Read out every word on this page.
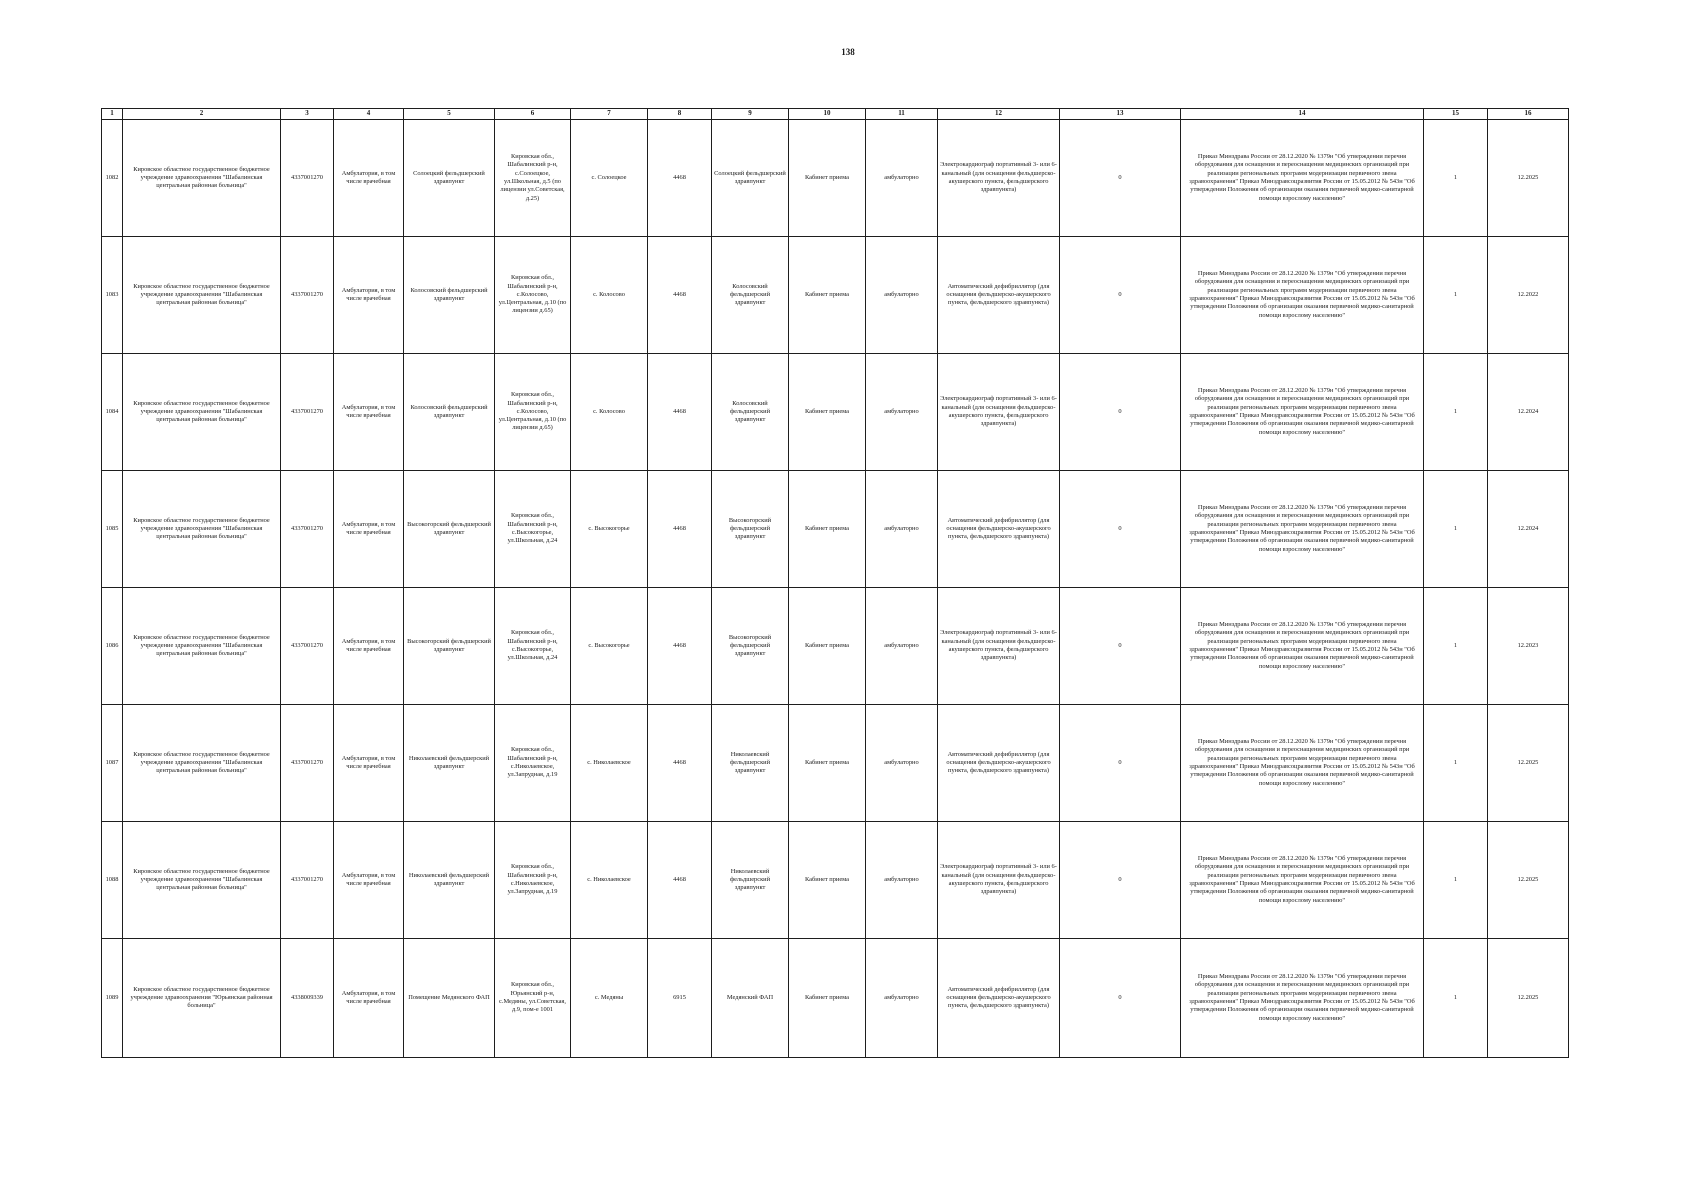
138
1	2	3	4	5	6	7	8	9	10	11	12	13	14	15	16
1082	Кировское областное государственное бюджетное учреждение здравоохранения "Шабалинская центральная районная больница"	4337001270	Амбулатория, в том числе врачебная	Солоецкий фельдшерский здравпункт	Кировская обл., Шабалинский р-н, с.Солоецкое, ул.Школьная, д.5 (по лицензии ул.Советская, д.25)	с. Солоецкое	4468	Солоецкий фельдшерский здравпункт	Кабинет приема	амбулаторно	Электрокардиограф портативный 3- или 6-канальный (для оснащения фельдшерско-акушерского пункта, фельдшерского здравпункта)	0	Приказ Минздрава России от 28.12.2020 № 1379н "Об утверждении перечня оборудования для оснащения и переоснащения медицинских организаций при реализации региональных программ модернизации первичного звена здравоохранения" Приказ Минздравсоцразвития России от 15.05.2012 № 543н "Об утверждении Положения об организации оказания первичной медико-санитарной помощи взрослому населению"	1	12.2025
1083	Кировское областное государственное бюджетное учреждение здравоохранения "Шабалинская центральная районная больница"	4337001270	Амбулатория, в том числе врачебная	Колосовский фельдшерский здравпункт	Кировская обл., Шабалинский р-н, с.Колосово, ул.Центральная, д.10 (по лицензии д.65)	с. Колосово	4468	Колосовский фельдшерский здравпункт	Кабинет приема	амбулаторно	Автоматический дефибриллятор (для оснащения фельдшерско-акушерского пункта, фельдшерского здравпункта)	0	Приказ Минздрава России от 28.12.2020 № 1379н "Об утверждении перечня оборудования для оснащения и переоснащения медицинских организаций при реализации региональных программ модернизации первичного звена здравоохранения" Приказ Минздравсоцразвития России от 15.05.2012 № 543н "Об утверждении Положения об организации оказания первичной медико-санитарной помощи взрослому населению"	1	12.2022
1084	Кировское областное государственное бюджетное учреждение здравоохранения "Шабалинская центральная районная больница"	4337001270	Амбулатория, в том числе врачебная	Колосовский фельдшерский здравпункт	Кировская обл., Шабалинский р-н, с.Колосово, ул.Центральная, д.10 (по лицензии д.65)	с. Колосово	4468	Колосовский фельдшерский здравпункт	Кабинет приема	амбулаторно	Электрокардиограф портативный 3- или 6-канальный (для оснащения фельдшерско-акушерского пункта, фельдшерского здравпункта)	0	Приказ Минздрава России от 28.12.2020 № 1379н "Об утверждении перечня оборудования для оснащения и переоснащения медицинских организаций при реализации региональных программ модернизации первичного звена здравоохранения" Приказ Минздравсоцразвития России от 15.05.2012 № 543н "Об утверждении Положения об организации оказания первичной медико-санитарной помощи взрослому населению"	1	12.2024
1085	Кировское областное государственное бюджетное учреждение здравоохранения "Шабалинская центральная районная больница"	4337001270	Амбулатория, в том числе врачебная	Высокогорский фельдшерский здравпункт	Кировская обл., Шабалинский р-н, с.Высокогорье, ул.Школьная, д.24	с. Высокогорье	4468	Высокогорский фельдшерский здравпункт	Кабинет приема	амбулаторно	Автоматический дефибриллятор (для оснащения фельдшерско-акушерского пункта, фельдшерского здравпункта)	0	Приказ Минздрава России от 28.12.2020 № 1379н "Об утверждении перечня оборудования для оснащения и переоснащения медицинских организаций при реализации региональных программ модернизации первичного звена здравоохранения" Приказ Минздравсоцразвития России от 15.05.2012 № 543н "Об утверждении Положения об организации оказания первичной медико-санитарной помощи взрослому населению"	1	12.2024
1086	Кировское областное государственное бюджетное учреждение здравоохранения "Шабалинская центральная районная больница"	4337001270	Амбулатория, в том числе врачебная	Высокогорский фельдшерский здравпункт	Кировская обл., Шабалинский р-н, с.Высокогорье, ул.Школьная, д.24	с. Высокогорье	4468	Высокогорский фельдшерский здравпункт	Кабинет приема	амбулаторно	Электрокардиограф портативный 3- или 6-канальный (для оснащения фельдшерско-акушерского пункта, фельдшерского здравпункта)	0	Приказ Минздрава России от 28.12.2020 № 1379н "Об утверждении перечня оборудования для оснащения и переоснащения медицинских организаций при реализации региональных программ модернизации первичного звена здравоохранения" Приказ Минздравсоцразвития России от 15.05.2012 № 543н "Об утверждении Положения об организации оказания первичной медико-санитарной помощи взрослому населению"	1	12.2023
1087	Кировское областное государственное бюджетное учреждение здравоохранения "Шабалинская центральная районная больница"	4337001270	Амбулатория, в том числе врачебная	Николаевский фельдшерский здравпункт	Кировская обл., Шабалинский р-н, с.Николаевское, ул.Запрудная, д.19	с. Николаевское	4468	Николаевский фельдшерский здравпункт	Кабинет приема	амбулаторно	Автоматический дефибриллятор (для оснащения фельдшерско-акушерского пункта, фельдшерского здравпункта)	0	Приказ Минздрава России от 28.12.2020 № 1379н "Об утверждении перечня оборудования для оснащения и переоснащения медицинских организаций при реализации региональных программ модернизации первичного звена здравоохранения" Приказ Минздравсоцразвития России от 15.05.2012 № 543н "Об утверждении Положения об организации оказания первичной медико-санитарной помощи взрослому населению"	1	12.2025
1088	Кировское областное государственное бюджетное учреждение здравоохранения "Шабалинская центральная районная больница"	4337001270	Амбулатория, в том числе врачебная	Николаевский фельдшерский здравпункт	Кировская обл., Шабалинский р-н, с.Николаевское, ул.Запрудная, д.19	с. Николаевское	4468	Николаевский фельдшерский здравпункт	Кабинет приема	амбулаторно	Электрокардиограф портативный 3- или 6-канальный (для оснащения фельдшерско-акушерского пункта, фельдшерского здравпункта)	0	Приказ Минздрава России от 28.12.2020 № 1379н "Об утверждении перечня оборудования для оснащения и переоснащения медицинских организаций при реализации региональных программ модернизации первичного звена здравоохранения" Приказ Минздравсоцразвития России от 15.05.2012 № 543н "Об утверждении Положения об организации оказания первичной медико-санитарной помощи взрослому населению"	1	12.2025
1089	Кировское областное государственное бюджетное учреждение здравоохранения "Юрьянская районная больница"	4338009339	Амбулатория, в том числе врачебная	Помещение Медянского ФАП	Кировская обл., Юрьянский р-н, с.Медяны, ул.Советская, д.9, пом-е 1001	с. Медяны	6915	Медянский ФАП	Кабинет приема	амбулаторно	Автоматический дефибриллятор (для оснащения фельдшерско-акушерского пункта, фельдшерского здравпункта)	0	Приказ Минздрава России от 28.12.2020 № 1379н "Об утверждении перечня оборудования для оснащения и переоснащения медицинских организаций при реализации региональных программ модернизации первичного звена здравоохранения" Приказ Минздравсоцразвития России от 15.05.2012 № 543н "Об утверждении Положения об организации оказания первичной медико-санитарной помощи взрослому населению"	1	12.2025
